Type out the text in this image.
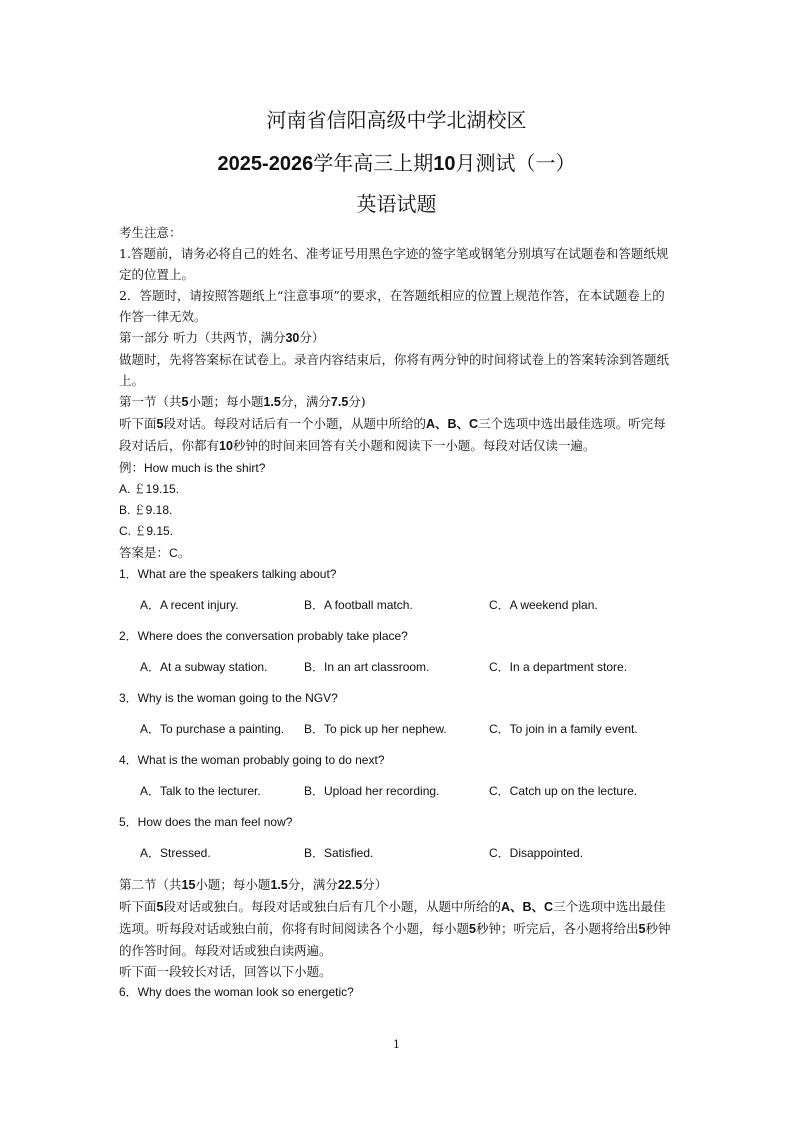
河南省信阳高级中学北湖校区
2025-2026学年高三上期10月测试（一）
英语试题

考生注意：

1.答题前，请务必将自己的姓名、准考证号用黑色字迹的签字笔或钢笔分别填写在试题卷和答题纸规定的位置上。

2．答题时，请按照答题纸上“注意事项”的要求，在答题纸相应的位置上规范作答，在本试题卷上的作答一律无效。

第一部分 听力（共两节，满分30分）

做题时，先将答案标在试卷上。录音内容结束后，你将有两分钟的时间将试卷上的答案转涂到答题纸上。

第一节（共5小题；每小题1.5分，满分7.5分)

听下面5段对话。每段对话后有一个小题，从题中所给的A、B、C三个选项中选出最佳选项。听完每段对话后，你都有10秒钟的时间来回答有关小题和阅读下一小题。每段对话仅读一遍。

例：How much is the shirt?

A. ￡19.15.

B. ￡9.18.

C. ￡9.15.

答案是：C。

1．What are the speakers talking about?

A．A recent injury.	B．A football match.	C．A weekend plan.

2．Where does the conversation probably take place?

A．At a subway station.	B．In an art classroom.	C．In a department store.

3．Why is the woman going to the NGV?

A．To purchase a painting. B．To pick up her nephew.	C．To join in a family event.

4．What is the woman probably going to do next?

A．Talk to the lecturer.	B．Upload her recording.	C．Catch up on the lecture.

5．How does the man feel now?

A．Stressed.	B．Satisfied.	C．Disappointed.

第二节（共15小题；每小题1.5分，满分22.5分）

听下面5段对话或独白。每段对话或独白后有几个小题，从题中所给的A、B、C三个选项中选出最佳选项。听每段对话或独白前，你将有时间阅读各个小题，每小题5秒钟；听完后，各小题将给出5秒钟的作答时间。每段对话或独白读两遍。

听下面一段较长对话，回答以下小题。

6．Why does the woman look so energetic?

1
